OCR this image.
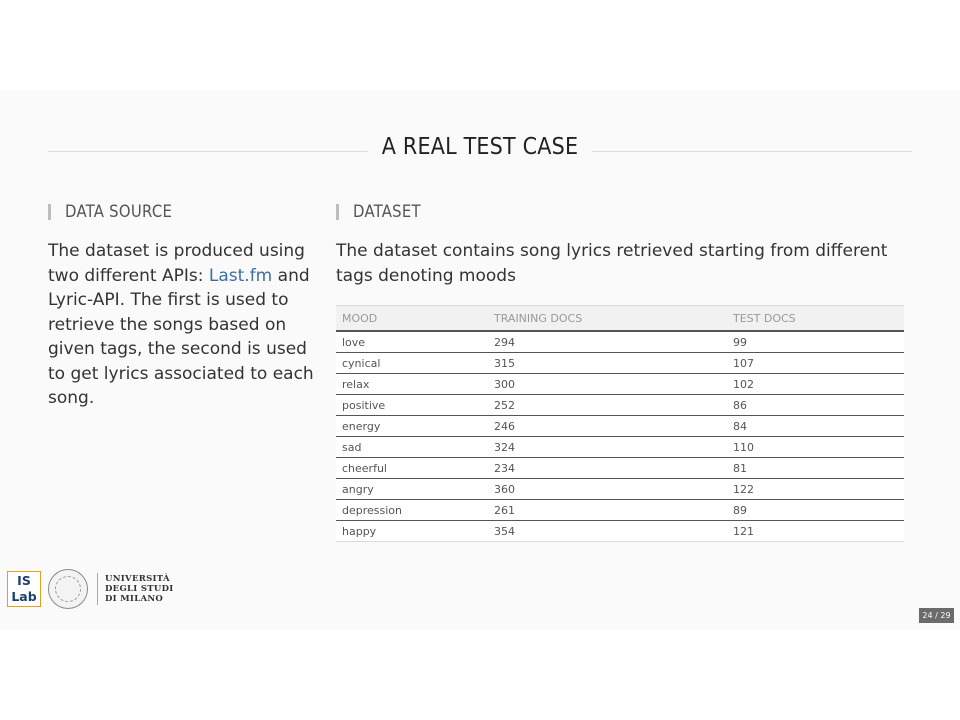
A REAL TEST CASE
DATA SOURCE	DATASET
The dataset is produced using two different APIs: Last.fm and Lyric-API. The first is used to retrieve the songs based on given tags, the second is used to get lyrics associated to each song.
The dataset contains song lyrics retrieved starting from different tags denoting moods
MOOD	TRAINING DOCS	TEST DOCS
love	294	99
cynical	315	107
relax	300	102
positive	252	86
energy	246	84
sad	324	110
cheerful	234	81
angry	360	122
depression	261	89
happy	354	121
IS
Lab
UNIVERSITÀ
DEGLI STUDI
DI MILANO
24 / 29
